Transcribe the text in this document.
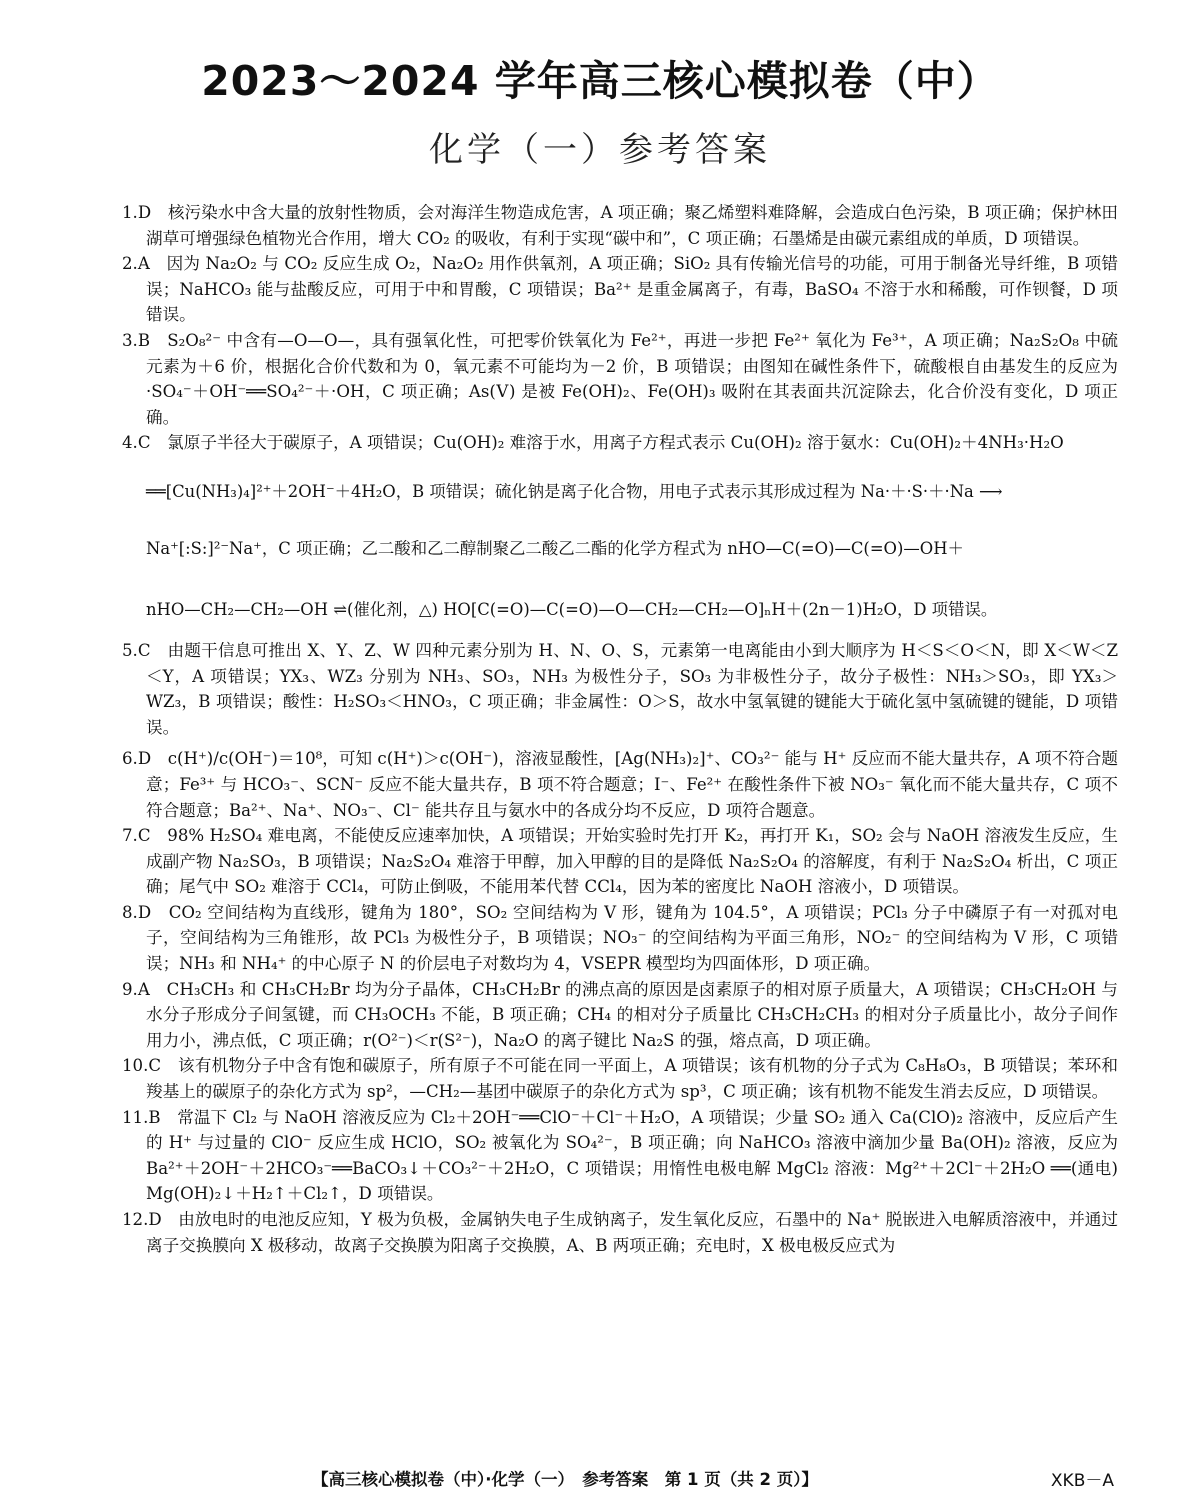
2023～2024 学年高三核心模拟卷（中）
化学（一）参考答案

1.D　核污染水中含大量的放射性物质，会对海洋生物造成危害，A 项正确；聚乙烯塑料难降解，会造成白色污染，B 项正确；保护林田湖草可增强绿色植物光合作用，增大 CO₂ 的吸收，有利于实现“碳中和”，C 项正确；石墨烯是由碳元素组成的单质，D 项错误。

2.A　因为 Na₂O₂ 与 CO₂ 反应生成 O₂，Na₂O₂ 用作供氧剂，A 项正确；SiO₂ 具有传输光信号的功能，可用于制备光导纤维，B 项错误；NaHCO₃ 能与盐酸反应，可用于中和胃酸，C 项错误；Ba²⁺ 是重金属离子，有毒，BaSO₄ 不溶于水和稀酸，可作钡餐，D 项错误。

3.B　S₂O₈²⁻ 中含有—O—O—，具有强氧化性，可把零价铁氧化为 Fe²⁺，再进一步把 Fe²⁺ 氧化为 Fe³⁺，A 项正确；Na₂S₂O₈ 中硫元素为＋6 价，根据化合价代数和为 0，氧元素不可能均为－2 价，B 项错误；由图知在碱性条件下，硫酸根自由基发生的反应为 ·SO₄⁻＋OH⁻══SO₄²⁻＋·OH，C 项正确；As(Ⅴ) 是被 Fe(OH)₂、Fe(OH)₃ 吸附在其表面共沉淀除去，化合价没有变化，D 项正确。

4.C　氯原子半径大于碳原子，A 项错误；Cu(OH)₂ 难溶于水，用离子方程式表示 Cu(OH)₂ 溶于氨水：Cu(OH)₂＋4NH₃·H₂O

══[Cu(NH₃)₄]²⁺＋2OH⁻＋4H₂O，B 项错误；硫化钠是离子化合物，用电子式表示其形成过程为 Na·＋·S·＋·Na ⟶
Na⁺[:S:]²⁻Na⁺，C 项正确；乙二酸和乙二醇制聚乙二酸乙二酯的化学方程式为 nHO—C(=O)—C(=O)—OH＋
nHO—CH₂—CH₂—OH ⇌(催化剂，△) HO[C(=O)—C(=O)—O—CH₂—CH₂—O]ₙH＋(2n－1)H₂O，D 项错误。

5.C　由题干信息可推出 X、Y、Z、W 四种元素分别为 H、N、O、S，元素第一电离能由小到大顺序为 H＜S＜O＜N，即 X＜W＜Z＜Y，A 项错误；YX₃、WZ₃ 分别为 NH₃、SO₃，NH₃ 为极性分子，SO₃ 为非极性分子，故分子极性：NH₃＞SO₃，即 YX₃＞WZ₃，B 项错误；酸性：H₂SO₃＜HNO₃，C 项正确；非金属性：O＞S，故水中氢氧键的键能大于硫化氢中氢硫键的键能，D 项错误。

6.D　c(H⁺)/c(OH⁻)＝10⁸，可知 c(H⁺)＞c(OH⁻)，溶液显酸性，[Ag(NH₃)₂]⁺、CO₃²⁻ 能与 H⁺ 反应而不能大量共存，A 项不符合题意；Fe³⁺ 与 HCO₃⁻、SCN⁻ 反应不能大量共存，B 项不符合题意；I⁻、Fe²⁺ 在酸性条件下被 NO₃⁻ 氧化而不能大量共存，C 项不符合题意；Ba²⁺、Na⁺、NO₃⁻、Cl⁻ 能共存且与氨水中的各成分均不反应，D 项符合题意。

7.C　98% H₂SO₄ 难电离，不能使反应速率加快，A 项错误；开始实验时先打开 K₂，再打开 K₁，SO₂ 会与 NaOH 溶液发生反应，生成副产物 Na₂SO₃，B 项错误；Na₂S₂O₄ 难溶于甲醇，加入甲醇的目的是降低 Na₂S₂O₄ 的溶解度，有利于 Na₂S₂O₄ 析出，C 项正确；尾气中 SO₂ 难溶于 CCl₄，可防止倒吸，不能用苯代替 CCl₄，因为苯的密度比 NaOH 溶液小，D 项错误。

8.D　CO₂ 空间结构为直线形，键角为 180°，SO₂ 空间结构为 V 形，键角为 104.5°，A 项错误；PCl₃ 分子中磷原子有一对孤对电子，空间结构为三角锥形，故 PCl₃ 为极性分子，B 项错误；NO₃⁻ 的空间结构为平面三角形，NO₂⁻ 的空间结构为 V 形，C 项错误；NH₃ 和 NH₄⁺ 的中心原子 N 的价层电子对数均为 4，VSEPR 模型均为四面体形，D 项正确。

9.A　CH₃CH₃ 和 CH₃CH₂Br 均为分子晶体，CH₃CH₂Br 的沸点高的原因是卤素原子的相对原子质量大，A 项错误；CH₃CH₂OH 与水分子形成分子间氢键，而 CH₃OCH₃ 不能，B 项正确；CH₄ 的相对分子质量比 CH₃CH₂CH₃ 的相对分子质量比小，故分子间作用力小，沸点低，C 项正确；r(O²⁻)＜r(S²⁻)，Na₂O 的离子键比 Na₂S 的强，熔点高，D 项正确。

10.C　该有机物分子中含有饱和碳原子，所有原子不可能在同一平面上，A 项错误；该有机物的分子式为 C₈H₈O₃，B 项错误；苯环和羧基上的碳原子的杂化方式为 sp²，—CH₂—基团中碳原子的杂化方式为 sp³，C 项正确；该有机物不能发生消去反应，D 项错误。

11.B　常温下 Cl₂ 与 NaOH 溶液反应为 Cl₂＋2OH⁻══ClO⁻＋Cl⁻＋H₂O，A 项错误；少量 SO₂ 通入 Ca(ClO)₂ 溶液中，反应后产生的 H⁺ 与过量的 ClO⁻ 反应生成 HClO，SO₂ 被氧化为 SO₄²⁻，B 项正确；向 NaHCO₃ 溶液中滴加少量 Ba(OH)₂ 溶液，反应为 Ba²⁺＋2OH⁻＋2HCO₃⁻══BaCO₃↓＋CO₃²⁻＋2H₂O，C 项错误；用惰性电极电解 MgCl₂ 溶液：Mg²⁺＋2Cl⁻＋2H₂O ══(通电) Mg(OH)₂↓＋H₂↑＋Cl₂↑，D 项错误。

12.D　由放电时的电池反应知，Y 极为负极，金属钠失电子生成钠离子，发生氧化反应，石墨中的 Na⁺ 脱嵌进入电解质溶液中，并通过离子交换膜向 X 极移动，故离子交换膜为阳离子交换膜，A、B 两项正确；充电时，X 极电极反应式为

【高三核心模拟卷（中）·化学（一）　参考答案　第 1 页（共 2 页）】	XKB－A
